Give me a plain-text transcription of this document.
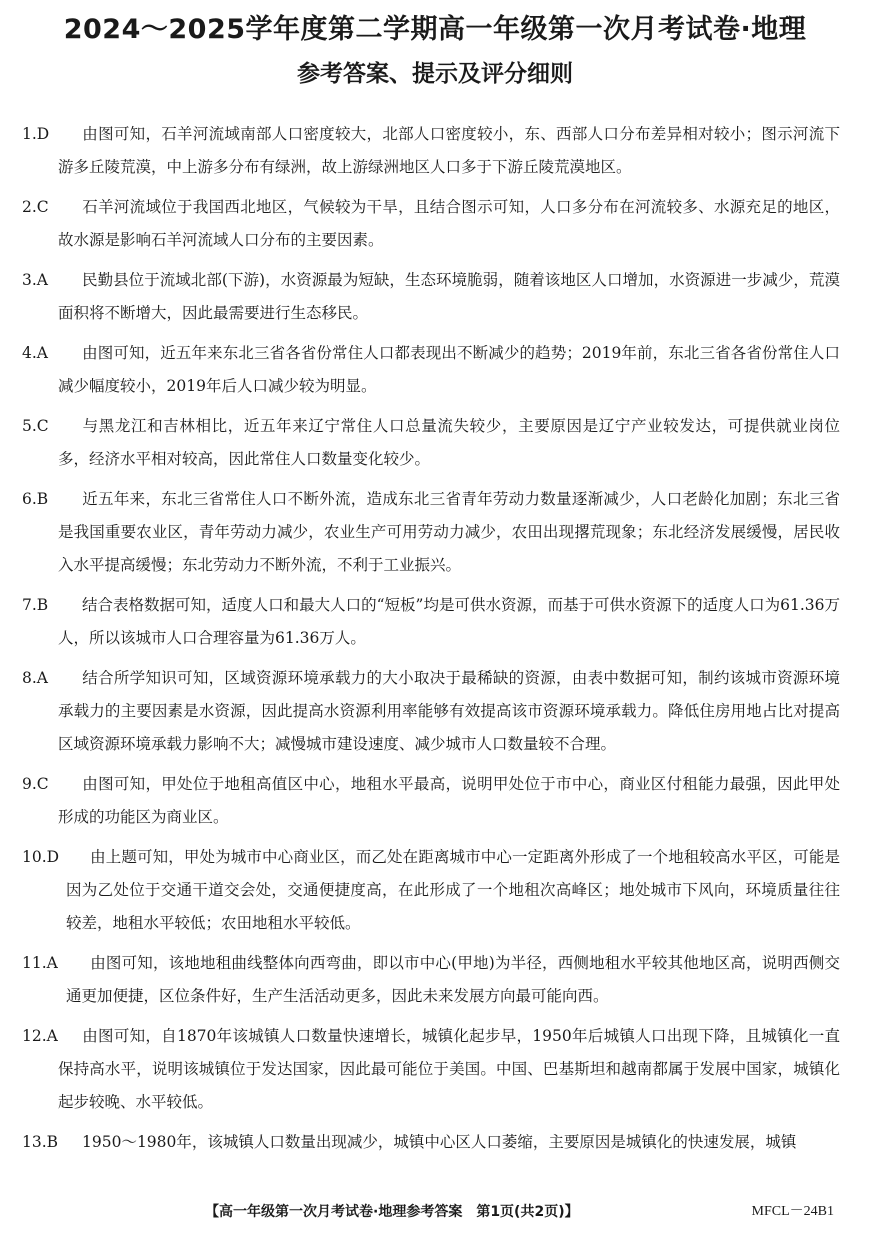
2024～2025学年度第二学期高一年级第一次月考试卷·地理
参考答案、提示及评分细则
1.D	由图可知，石羊河流域南部人口密度较大，北部人口密度较小，东、西部人口分布差异相对较小；图示河流下游多丘陵荒漠，中上游多分布有绿洲，故上游绿洲地区人口多于下游丘陵荒漠地区。
2.C	石羊河流域位于我国西北地区，气候较为干旱，且结合图示可知，人口多分布在河流较多、水源充足的地区，故水源是影响石羊河流域人口分布的主要因素。
3.A	民勤县位于流域北部(下游)，水资源最为短缺，生态环境脆弱，随着该地区人口增加，水资源进一步减少，荒漠面积将不断增大，因此最需要进行生态移民。
4.A	由图可知，近五年来东北三省各省份常住人口都表现出不断减少的趋势；2019年前，东北三省各省份常住人口减少幅度较小，2019年后人口减少较为明显。
5.C	与黑龙江和吉林相比，近五年来辽宁常住人口总量流失较少，主要原因是辽宁产业较发达，可提供就业岗位多，经济水平相对较高，因此常住人口数量变化较少。
6.B	近五年来，东北三省常住人口不断外流，造成东北三省青年劳动力数量逐渐减少，人口老龄化加剧；东北三省是我国重要农业区，青年劳动力减少，农业生产可用劳动力减少，农田出现撂荒现象；东北经济发展缓慢，居民收入水平提高缓慢；东北劳动力不断外流，不利于工业振兴。
7.B	结合表格数据可知，适度人口和最大人口的“短板”均是可供水资源，而基于可供水资源下的适度人口为61.36万人，所以该城市人口合理容量为61.36万人。
8.A	结合所学知识可知，区域资源环境承载力的大小取决于最稀缺的资源，由表中数据可知，制约该城市资源环境承载力的主要因素是水资源，因此提高水资源利用率能够有效提高该市资源环境承载力。降低住房用地占比对提高区域资源环境承载力影响不大；减慢城市建设速度、减少城市人口数量较不合理。
9.C	由图可知，甲处位于地租高值区中心，地租水平最高，说明甲处位于市中心，商业区付租能力最强，因此甲处形成的功能区为商业区。
10.D	由上题可知，甲处为城市中心商业区，而乙处在距离城市中心一定距离外形成了一个地租较高水平区，可能是因为乙处位于交通干道交会处，交通便捷度高，在此形成了一个地租次高峰区；地处城市下风向，环境质量往往较差，地租水平较低；农田地租水平较低。
11.A	由图可知，该地地租曲线整体向西弯曲，即以市中心(甲地)为半径，西侧地租水平较其他地区高，说明西侧交通更加便捷，区位条件好，生产生活活动更多，因此未来发展方向最可能向西。
12.A	由图可知，自1870年该城镇人口数量快速增长，城镇化起步早，1950年后城镇人口出现下降，且城镇化一直保持高水平，说明该城镇位于发达国家，因此最可能位于美国。中国、巴基斯坦和越南都属于发展中国家，城镇化起步较晚、水平较低。
13.B	1950～1980年，该城镇人口数量出现减少，城镇中心区人口萎缩，主要原因是城镇化的快速发展，城镇
【高一年级第一次月考试卷·地理参考答案　第1页(共2页)】	MFCL－24B1
